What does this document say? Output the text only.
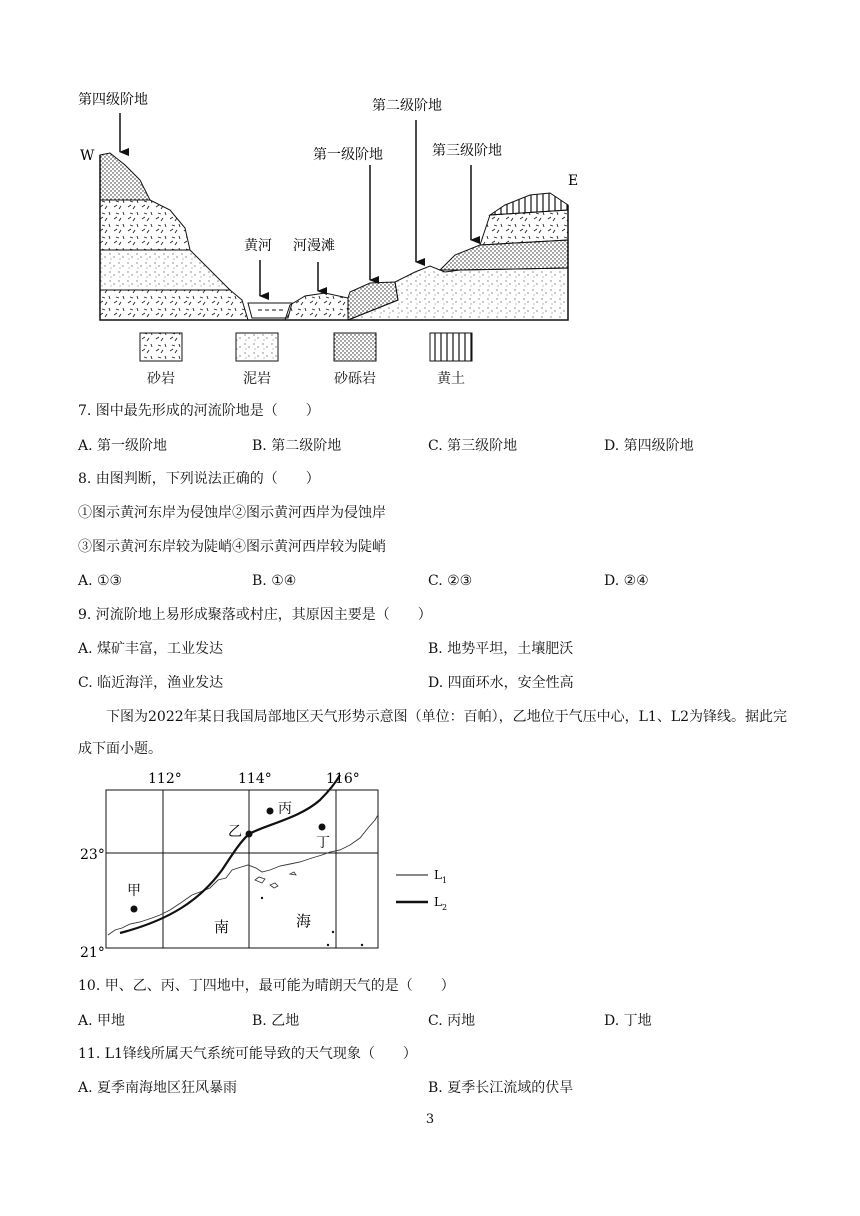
第四级阶地	第二级阶地
第一级阶地	第三级阶地
黄河 河漫滩
W
E
砂岩	泥岩	砂砾岩	黄土
7. 图中最先形成的河流阶地是（　　）
A. 第一级阶地	B. 第二级阶地	C. 第三级阶地	D. 第四级阶地
8. 由图判断，下列说法正确的（　　）
①图示黄河东岸为侵蚀岸②图示黄河西岸为侵蚀岸
③图示黄河东岸较为陡峭④图示黄河西岸较为陡峭
A. ①③	B. ①④	C. ②③	D. ②④
9. 河流阶地上易形成聚落或村庄，其原因主要是（　　）
A. 煤矿丰富，工业发达	B. 地势平坦，土壤肥沃
C. 临近海洋，渔业发达	D. 四面环水，安全性高
下图为2022年某日我国局部地区天气形势示意图（单位：百帕），乙地位于气压中心，L1、L2为锋线。据此完成下面小题。
112°	114°	116°
23°
21°
甲
乙
丙
丁
南	海
$L_1$
$L_2$
10. 甲、乙、丙、丁四地中，最可能为晴朗天气的是（　　）
A. 甲地	B. 乙地	C. 丙地	D. 丁地
11. L1锋线所属天气系统可能导致的天气现象（　　）
A. 夏季南海地区狂风暴雨	B. 夏季长江流域的伏旱
3
